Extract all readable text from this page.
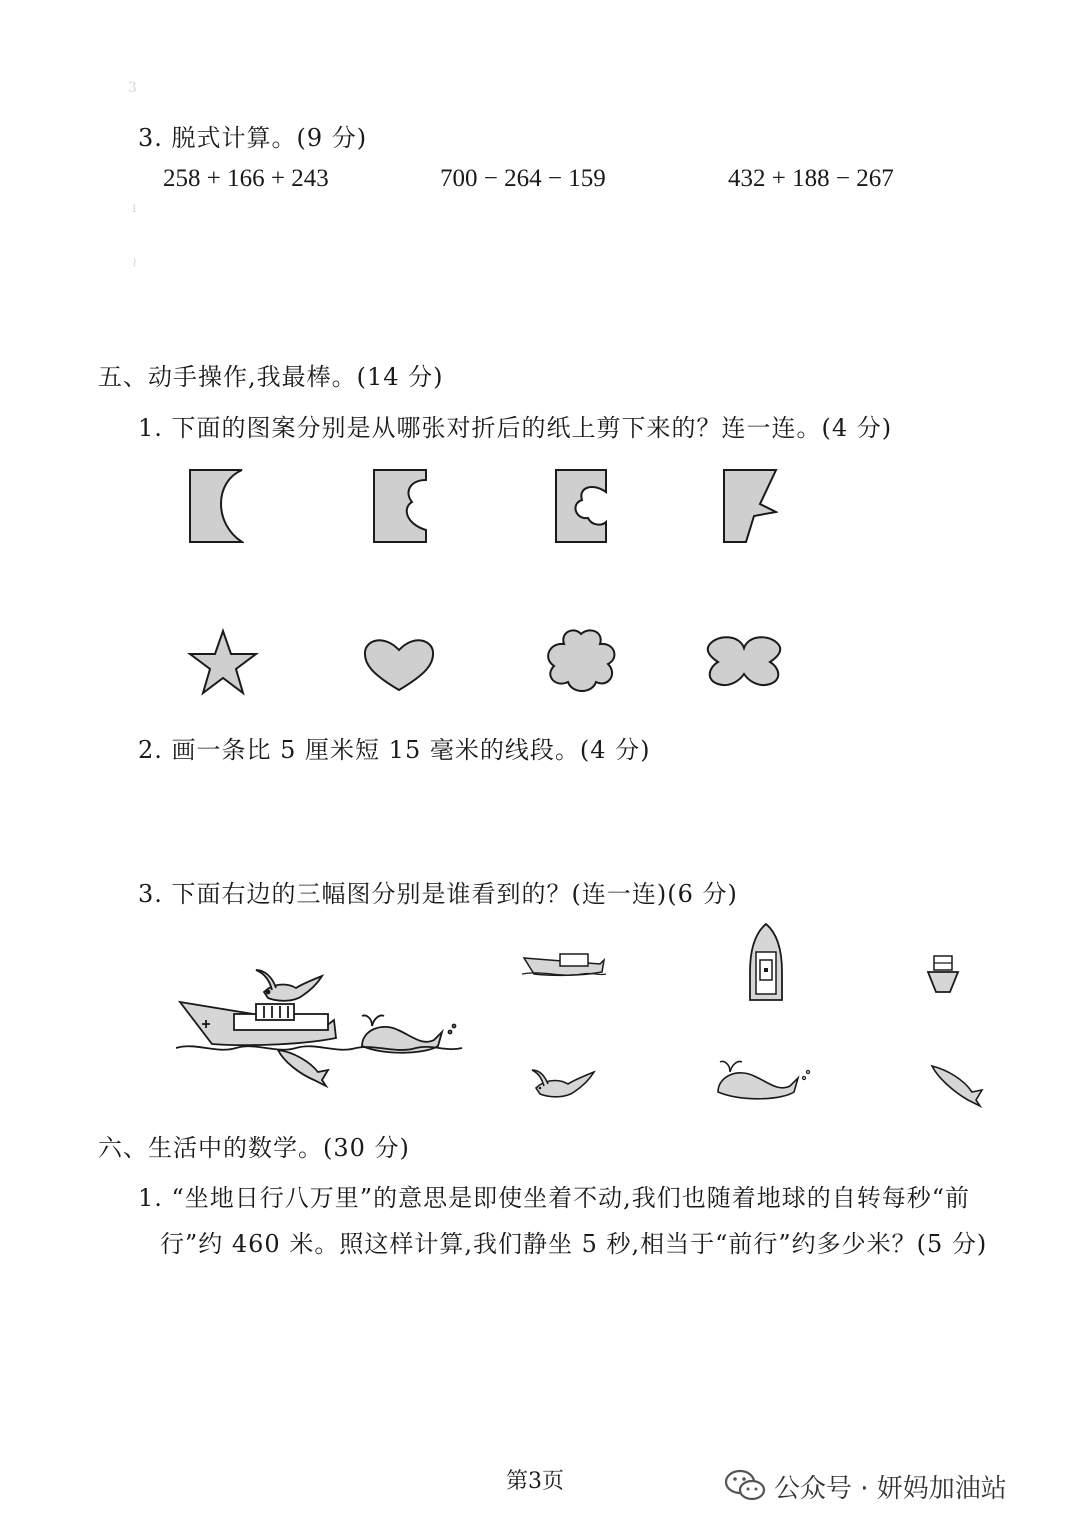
3
ı
≀
3. 脱式计算。(9 分)
258 + 166 + 243	700 − 264 − 159	432 + 188 − 267
五、动手操作,我最棒。(14 分)
1. 下面的图案分别是从哪张对折后的纸上剪下来的？连一连。(4 分)
2. 画一条比 5 厘米短 15 毫米的线段。(4 分)
3. 下面右边的三幅图分别是谁看到的？(连一连)(6 分)
六、生活中的数学。(30 分)
1. “坐地日行八万里”的意思是即使坐着不动,我们也随着地球的自转每秒“前
行”约 460 米。照这样计算,我们静坐 5 秒,相当于“前行”约多少米？(5 分)
第3页	公众号 · 妍妈加油站
